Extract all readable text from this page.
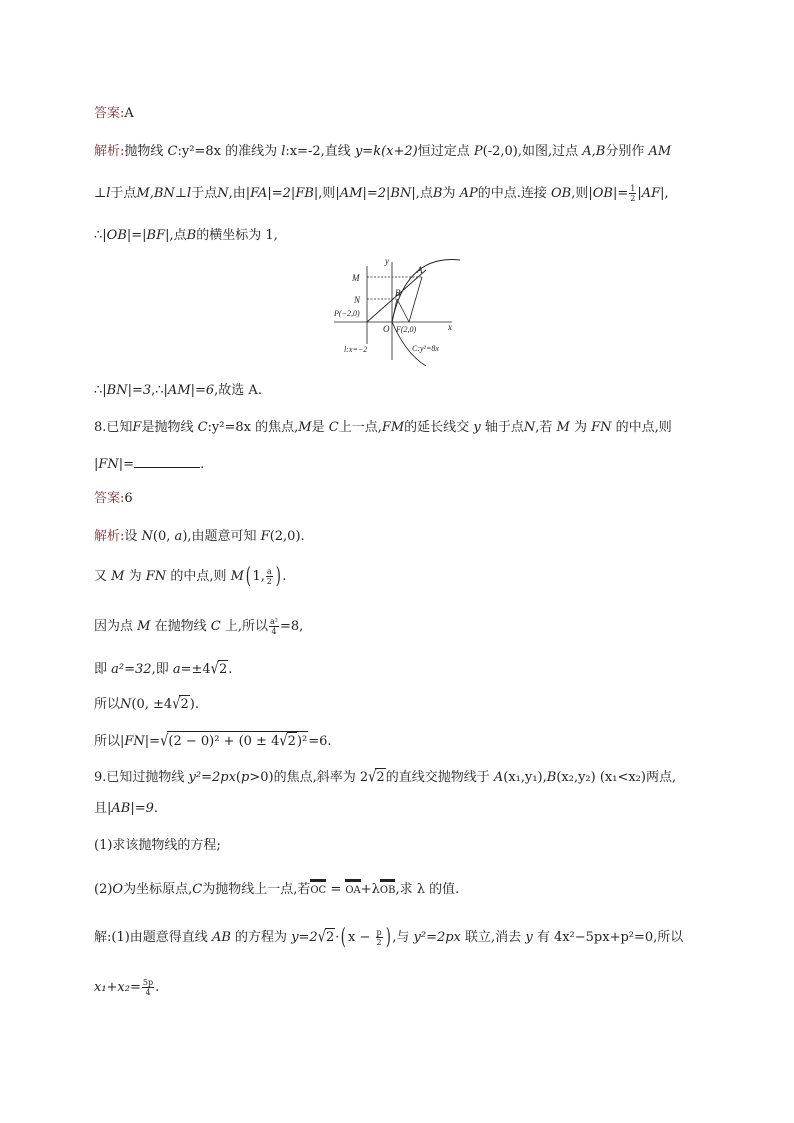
答案:A
解析:抛物线 C:y²=8x 的准线为 l:x=-2,直线 y=k(x+2)恒过定点 P(-2,0),如图,过点 A,B分别作 AM
⊥l于点M,BN⊥l于点N,由|FA|=2|FB|,则|AM|=2|BN|,点B为 AP的中点.连接 OB,则$|OB|= \frac{1}{2} |AF|$,
∴|OB|=|BF|,点B的横坐标为 1,
y
x
M
N
A
B
P(−2,0)
O F(2,0)
l:x=−2	C:y²=8x
∴|BN|=3,∴|AM|=6,故选 A.
8.已知F是抛物线 C:y²=8x 的焦点,M是 C上一点,FM的延长线交 y 轴于点N,若 M 为 FN 的中点,则
|FN|=	.
答案:6
解析:设 N(0, a),由题意可知 F(2,0).
又 M 为 FN 的中点,则 M( 1, $\frac{a}{2}$ ) .
因为点 M 在抛物线 C 上,所以 $\frac{\text{a²}}{4} =8$,
即 a²=32,即 a=±4√2.
所以N(0, ±4√2).
所以|FN|=√(2 − 0)² + (0 ± 4√2)²=6.
9.已知过抛物线 y²=2px(p>0)的焦点,斜率为 2√2的直线交抛物线于 A(x₁,y₁),B(x₂,y₂) (x₁<x₂)两点,
且|AB|=9.
(1)求该抛物线的方程;
(2)O为坐标原点,C为抛物线上一点,若OC = OA+λOB,求 λ 的值.
解:(1)由题意得直线 AB 的方程为 y=2√2·( $x - \frac{p}{2}$ ) ,与 y²=2px 联立,消去 y 有 4x²−5px+p²=0,所以
$x_1+x_2= \frac{5p}{4}$ .
